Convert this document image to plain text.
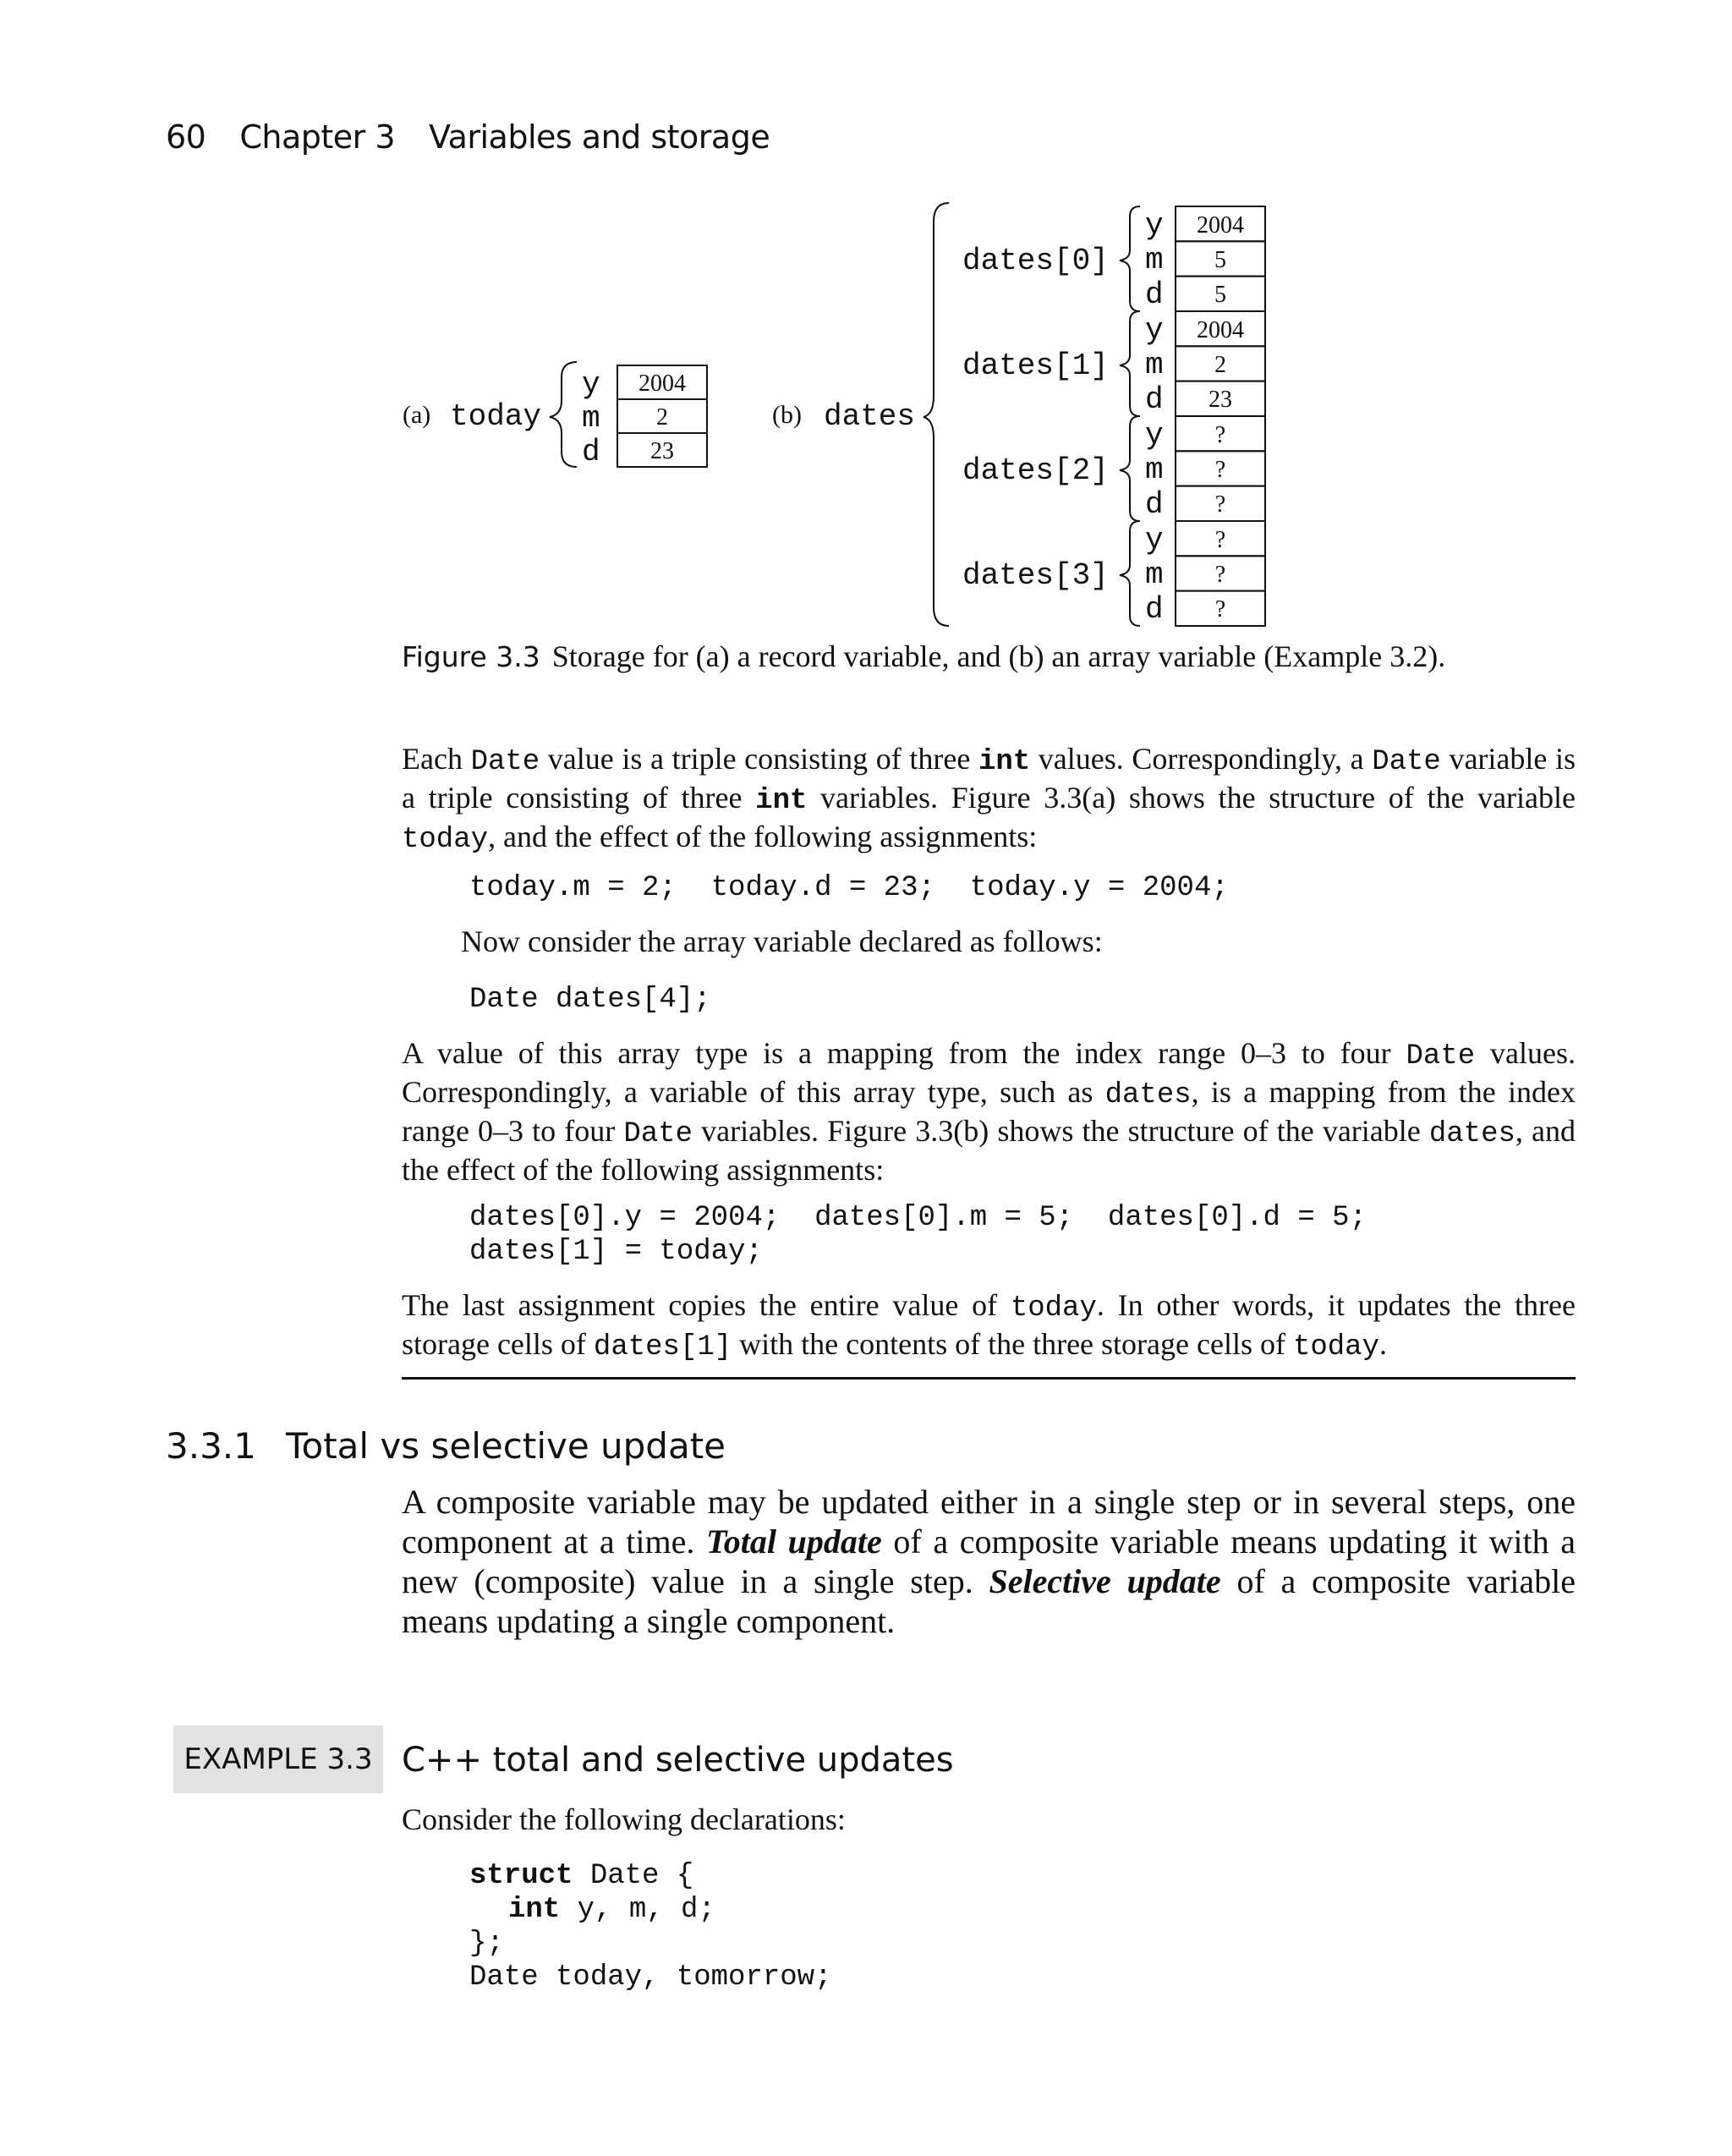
60 Chapter 3 Variables and storage
(a) today
y
m
d
2004
2
23
(b) dates
dates[0]
dates[1]
dates[2]
dates[3]
y
m
d
y
m
d
y
m
d
y
m
d
2004
5
5
2004
2
23
?
?
?
?
?
?
Figure 3.3 Storage for (a) a record variable, and (b) an array variable (Example 3.2).
Each Date value is a triple consisting of three int values. Correspondingly, a Date variable is a triple consisting of three int variables. Figure 3.3(a) shows the structure of the variable today, and the effect of the following assignments:
today.m = 2;  today.d = 23;  today.y = 2004;
Now consider the array variable declared as follows:
Date dates[4];
A value of this array type is a mapping from the index range 0–3 to four Date values. Correspondingly, a variable of this array type, such as dates, is a mapping from the index range 0–3 to four Date variables. Figure 3.3(b) shows the structure of the variable dates, and the effect of the following assignments:
dates[0].y = 2004;  dates[0].m = 5;  dates[0].d = 5;
dates[1] = today;
The last assignment copies the entire value of today. In other words, it updates the three storage cells of dates[1] with the contents of the three storage cells of today.
3.3.1 Total vs selective update
A composite variable may be updated either in a single step or in several steps, one component at a time. Total update of a composite variable means updating it with a new (composite) value in a single step. Selective update of a composite variable means updating a single component.
EXAMPLE 3.3 C++ total and selective updates
Consider the following declarations:
struct Date {
int y, m, d;
};
Date today, tomorrow;
